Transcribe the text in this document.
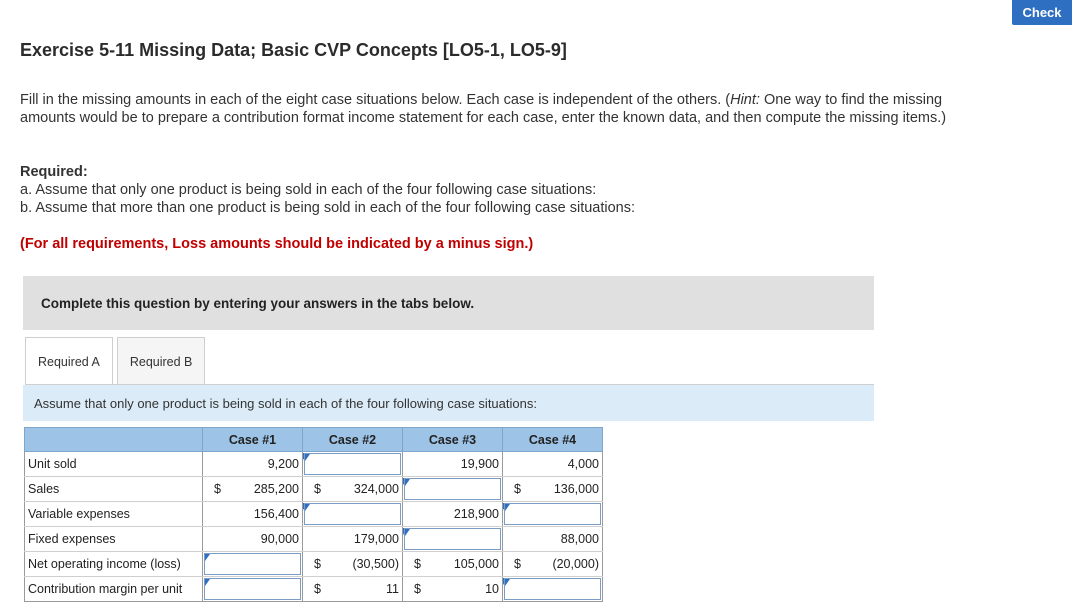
Check
Exercise 5-11 Missing Data; Basic CVP Concepts [LO5-1, LO5-9]
Fill in the missing amounts in each of the eight case situations below. Each case is independent of the others. (Hint: One way to find the missing amounts would be to prepare a contribution format income statement for each case, enter the known data, and then compute the missing items.)
Required:
a. Assume that only one product is being sold in each of the four following case situations:
b. Assume that more than one product is being sold in each of the four following case situations:
(For all requirements, Loss amounts should be indicated by a minus sign.)
Complete this question by entering your answers in the tabs below.
Required A	Required B
Assume that only one product is being sold in each of the four following case situations:
	Case #1	Case #2	Case #3	Case #4
Unit sold	9,200		19,900	4,000

Sales	$ 285,200	$ 324,000		$ 136,000

Variable expenses	156,400		218,900	

Fixed expenses	90,000	179,000		88,000

Net operating income (loss)		$ (30,500)	$ 105,000	$ (20,000)

Contribution margin per unit		$ 11	$ 10	
